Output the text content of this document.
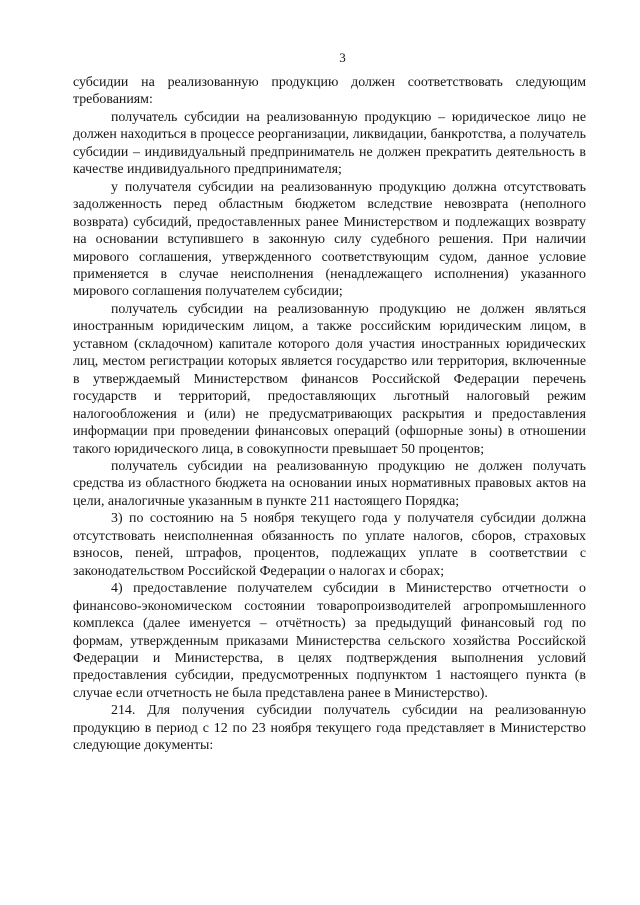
3

субсидии на реализованную продукцию должен соответствовать следующим требованиям:

получатель субсидии на реализованную продукцию – юридическое лицо не должен находиться в процессе реорганизации, ликвидации, банкротства, а получатель субсидии – индивидуальный предприниматель не должен прекратить деятельность в качестве индивидуального предпринимателя;

у получателя субсидии на реализованную продукцию должна отсутствовать задолженность перед областным бюджетом вследствие невозврата (неполного возврата) субсидий, предоставленных ранее Министерством и подлежащих возврату на основании вступившего в законную силу судебного решения. При наличии мирового соглашения, утвержденного соответствующим судом, данное условие применяется в случае неисполнения (ненадлежащего исполнения) указанного мирового соглашения получателем субсидии;

получатель субсидии на реализованную продукцию не должен являться иностранным юридическим лицом, а также российским юридическим лицом, в уставном (складочном) капитале которого доля участия иностранных юридических лиц, местом регистрации которых является государство или территория, включенные в утверждаемый Министерством финансов Российской Федерации перечень государств и территорий, предоставляющих льготный налоговый режим налогообложения и (или) не предусматривающих раскрытия и предоставления информации при проведении финансовых операций (офшорные зоны) в отношении такого юридического лица, в совокупности превышает 50 процентов;

получатель субсидии на реализованную продукцию не должен получать средства из областного бюджета на основании иных нормативных правовых актов на цели, аналогичные указанным в пункте 211 настоящего Порядка;

3) по состоянию на 5 ноября текущего года у получателя субсидии должна отсутствовать неисполненная обязанность по уплате налогов, сборов, страховых взносов, пеней, штрафов, процентов, подлежащих уплате в соответствии с законодательством Российской Федерации о налогах и сборах;

4) предоставление получателем субсидии в Министерство отчетности о финансово-экономическом состоянии товаропроизводителей агропромышленного комплекса (далее именуется – отчётность) за предыдущий финансовый год по формам, утвержденным приказами Министерства сельского хозяйства Российской Федерации и Министерства, в целях подтверждения выполнения условий предоставления субсидии, предусмотренных подпунктом 1 настоящего пункта (в случае если отчетность не была представлена ранее в Министерство).

214. Для получения субсидии получатель субсидии на реализованную продукцию в период с 12 по 23 ноября текущего года представляет в Министерство следующие документы:
